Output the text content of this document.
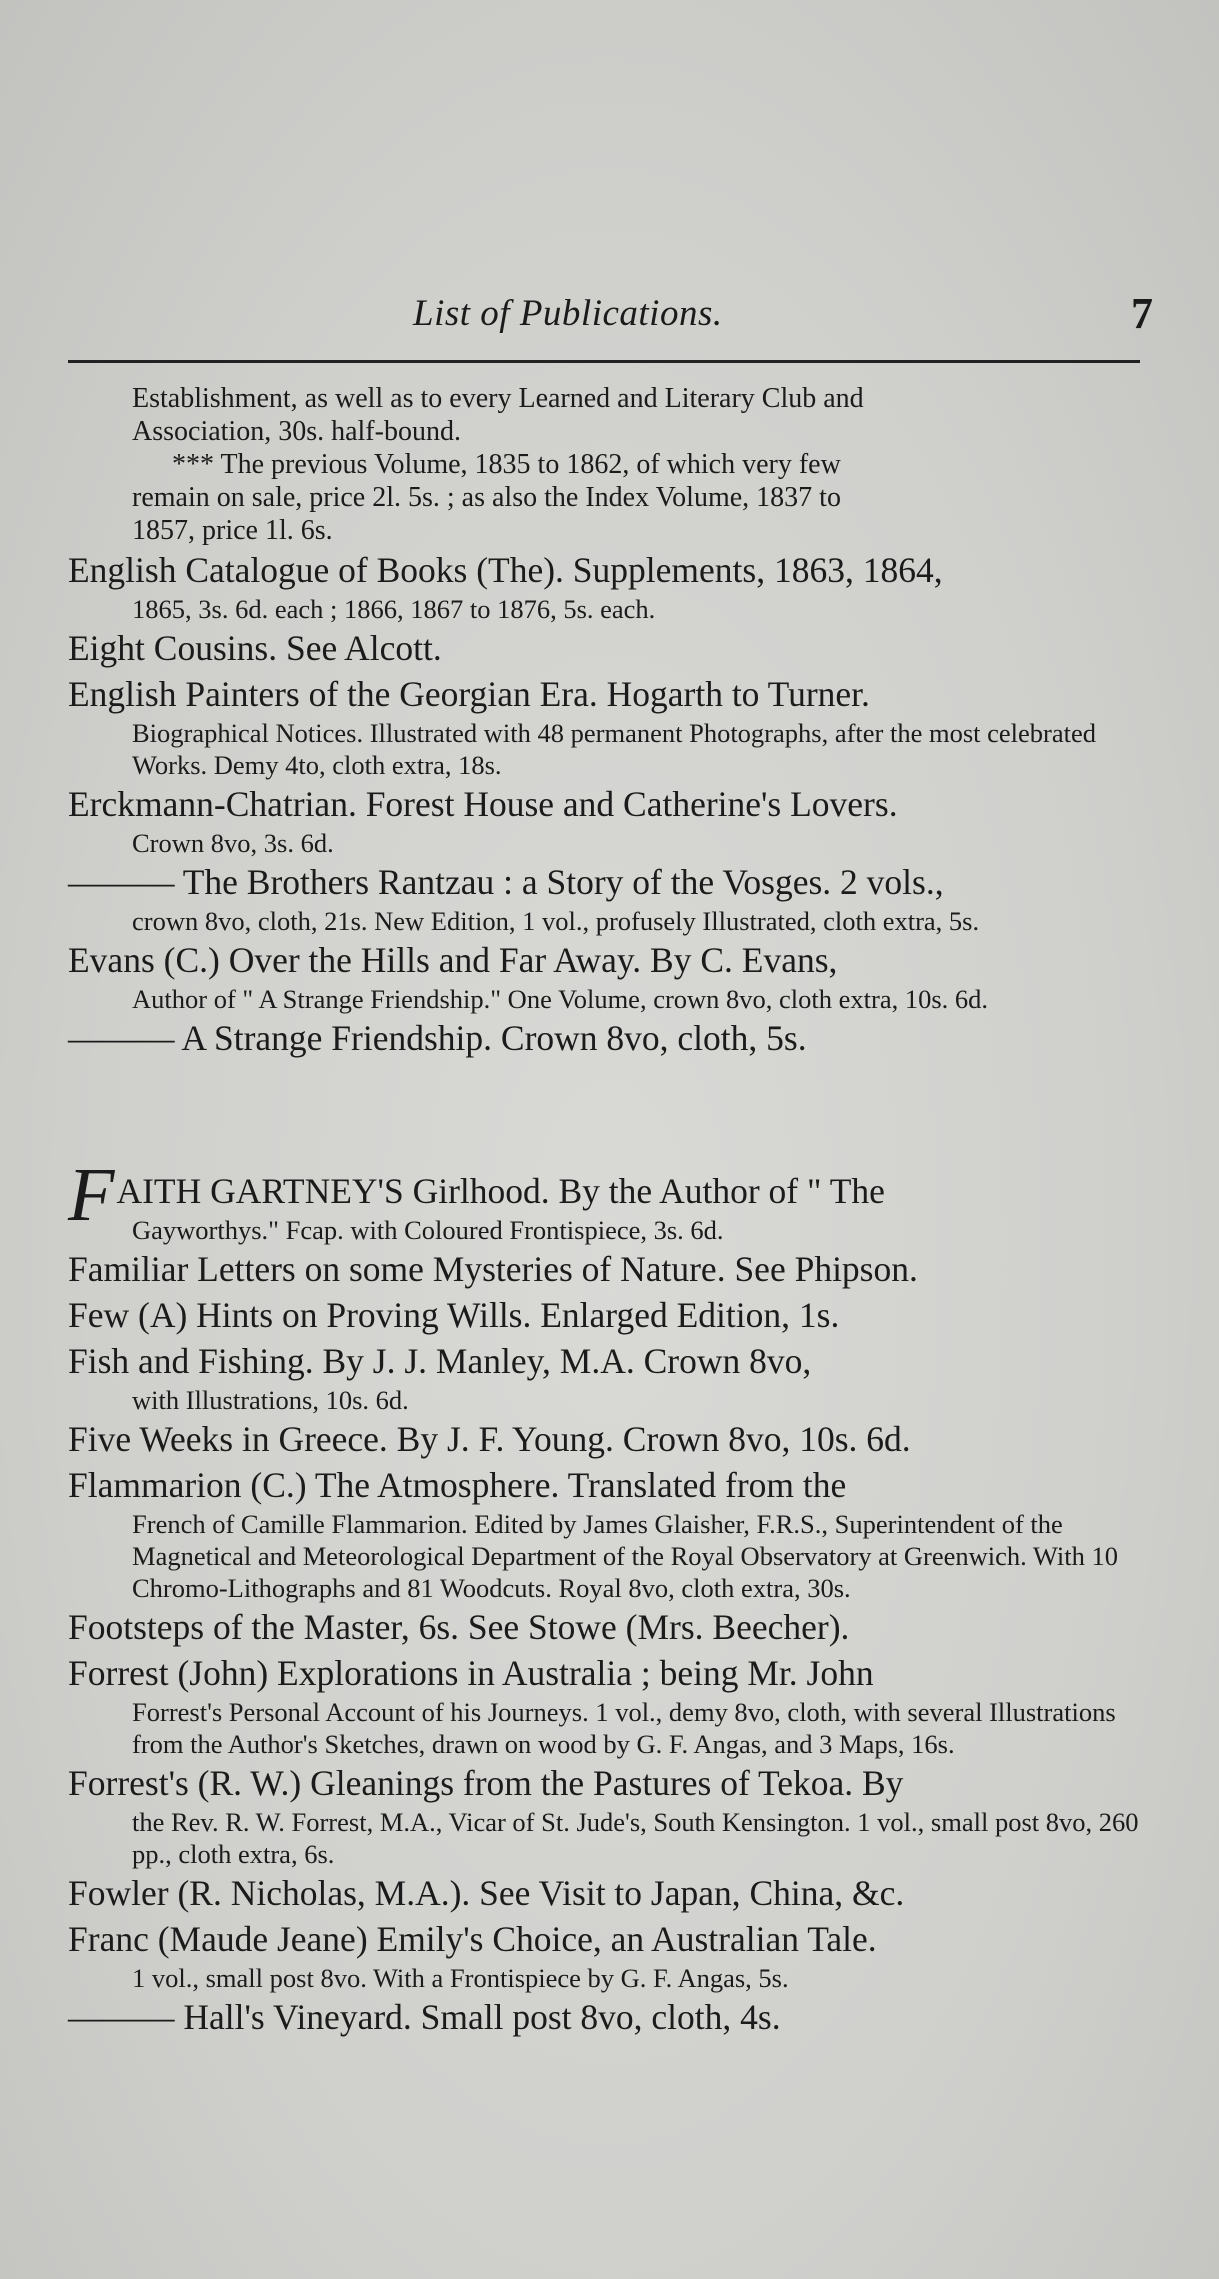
List of Publications.	7
Establishment, as well as to every Learned and Literary Club and
Association, 30s. half-bound.
*** The previous Volume, 1835 to 1862, of which very few
remain on sale, price 2l. 5s. ; as also the Index Volume, 1837 to
1857, price 1l. 6s.
English Catalogue of Books (The). Supplements, 1863, 1864,
1865, 3s. 6d. each ; 1866, 1867 to 1876, 5s. each.
Eight Cousins. See Alcott.
English Painters of the Georgian Era. Hogarth to Turner.
Biographical Notices. Illustrated with 48 permanent Photographs, after the most celebrated Works. Demy 4to, cloth extra, 18s.
Erckmann-Chatrian. Forest House and Catherine's Lovers.
Crown 8vo, 3s. 6d.
——— The Brothers Rantzau : a Story of the Vosges. 2 vols.,
crown 8vo, cloth, 21s. New Edition, 1 vol., profusely Illustrated, cloth extra, 5s.
Evans (C.) Over the Hills and Far Away. By C. Evans,
Author of " A Strange Friendship." One Volume, crown 8vo, cloth extra, 10s. 6d.
——— A Strange Friendship. Crown 8vo, cloth, 5s.
FAITH GARTNEY'S Girlhood. By the Author of " The
Gayworthys." Fcap. with Coloured Frontispiece, 3s. 6d.
Familiar Letters on some Mysteries of Nature. See Phipson.
Few (A) Hints on Proving Wills. Enlarged Edition, 1s.
Fish and Fishing. By J. J. Manley, M.A. Crown 8vo,
with Illustrations, 10s. 6d.
Five Weeks in Greece. By J. F. Young. Crown 8vo, 10s. 6d.
Flammarion (C.) The Atmosphere. Translated from the
French of Camille Flammarion. Edited by James Glaisher, F.R.S., Superintendent of the Magnetical and Meteorological Department of the Royal Observatory at Greenwich. With 10 Chromo-Lithographs and 81 Woodcuts. Royal 8vo, cloth extra, 30s.
Footsteps of the Master, 6s. See Stowe (Mrs. Beecher).
Forrest (John) Explorations in Australia ; being Mr. John
Forrest's Personal Account of his Journeys. 1 vol., demy 8vo, cloth, with several Illustrations from the Author's Sketches, drawn on wood by G. F. Angas, and 3 Maps, 16s.
Forrest's (R. W.) Gleanings from the Pastures of Tekoa. By
the Rev. R. W. Forrest, M.A., Vicar of St. Jude's, South Kensington. 1 vol., small post 8vo, 260 pp., cloth extra, 6s.
Fowler (R. Nicholas, M.A.). See Visit to Japan, China, &c.
Franc (Maude Jeane) Emily's Choice, an Australian Tale.
1 vol., small post 8vo. With a Frontispiece by G. F. Angas, 5s.
——— Hall's Vineyard. Small post 8vo, cloth, 4s.
